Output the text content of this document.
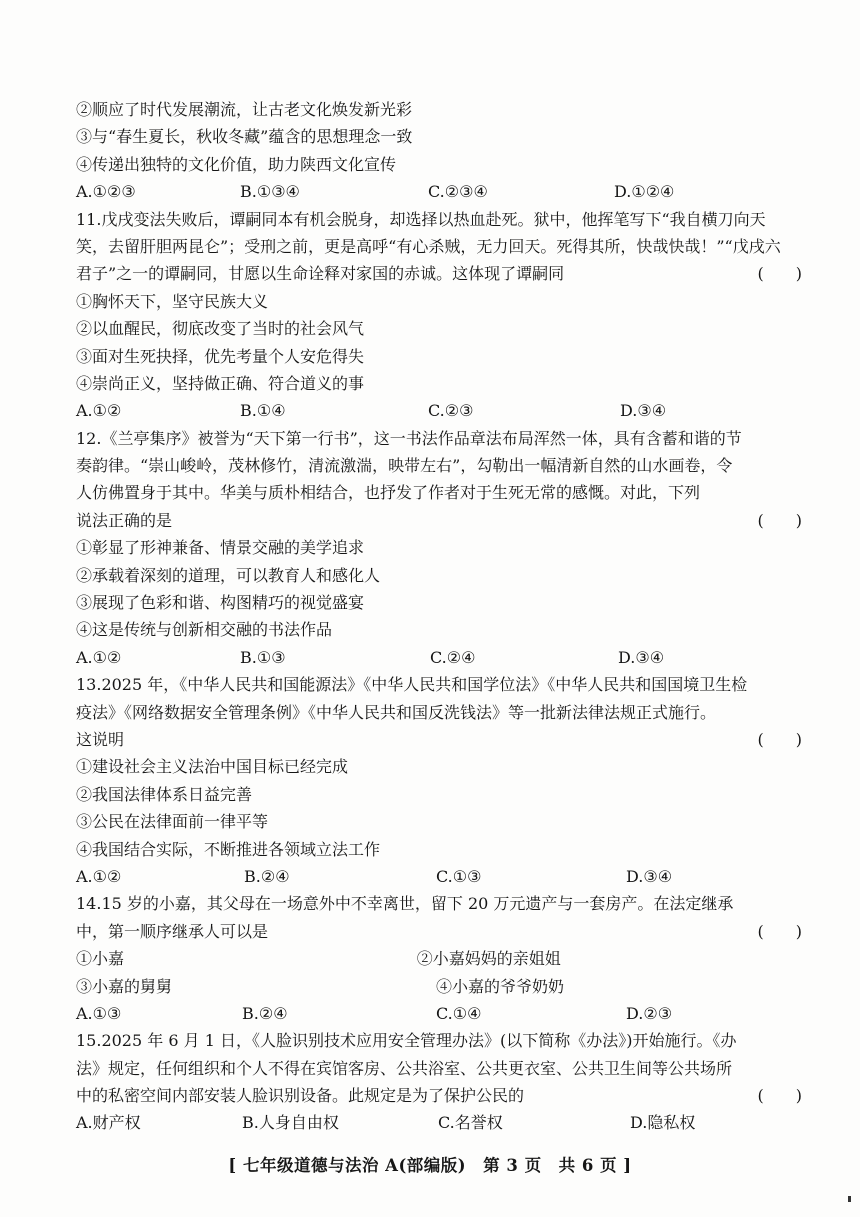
②顺应了时代发展潮流，让古老文化焕发新光彩
③与“春生夏长，秋收冬藏”蕴含的思想理念一致
④传递出独特的文化价值，助力陕西文化宣传
A.①②③	B.①③④	C.②③④	D.①②④
11.戊戌变法失败后，谭嗣同本有机会脱身，却选择以热血赴死。狱中，他挥笔写下“我自横刀向天
笑，去留肝胆两昆仑”；受刑之前，更是高呼“有心杀贼，无力回天。死得其所，快哉快哉！”“戊戌六
君子”之一的谭嗣同，甘愿以生命诠释对家国的赤诚。这体现了谭嗣同	(　　)
①胸怀天下，坚守民族大义
②以血醒民，彻底改变了当时的社会风气
③面对生死抉择，优先考量个人安危得失
④崇尚正义，坚持做正确、符合道义的事
A.①②	B.①④	C.②③	D.③④
12.《兰亭集序》被誉为“天下第一行书”，这一书法作品章法布局浑然一体，具有含蓄和谐的节
奏韵律。“崇山峻岭，茂林修竹，清流激湍，映带左右”，勾勒出一幅清新自然的山水画卷，令
人仿佛置身于其中。华美与质朴相结合，也抒发了作者对于生死无常的感慨。对此，下列
说法正确的是	(　　)
①彰显了形神兼备、情景交融的美学追求
②承载着深刻的道理，可以教育人和感化人
③展现了色彩和谐、构图精巧的视觉盛宴
④这是传统与创新相交融的书法作品
A.①②	B.①③	C.②④	D.③④
13.2025 年，《中华人民共和国能源法》《中华人民共和国学位法》《中华人民共和国国境卫生检
疫法》《网络数据安全管理条例》《中华人民共和国反洗钱法》等一批新法律法规正式施行。
这说明	(　　)
①建设社会主义法治中国目标已经完成
②我国法律体系日益完善
③公民在法律面前一律平等
④我国结合实际，不断推进各领域立法工作
A.①②	B.②④	C.①③	D.③④
14.15 岁的小嘉，其父母在一场意外中不幸离世，留下 20 万元遗产与一套房产。在法定继承
中，第一顺序继承人可以是	(　　)
①小嘉	②小嘉妈妈的亲姐姐
③小嘉的舅舅	④小嘉的爷爷奶奶
A.①③	B.②④	C.①④	D.②③
15.2025 年 6 月 1 日，《人脸识别技术应用安全管理办法》(以下简称《办法》)开始施行。《办
法》规定，任何组织和个人不得在宾馆客房、公共浴室、公共更衣室、公共卫生间等公共场所
中的私密空间内部安装人脸识别设备。此规定是为了保护公民的	(　　)
A.财产权	B.人身自由权	C.名誉权	D.隐私权
[ 七年级道德与法治 A(部编版)　第 3 页　共 6 页 ]
